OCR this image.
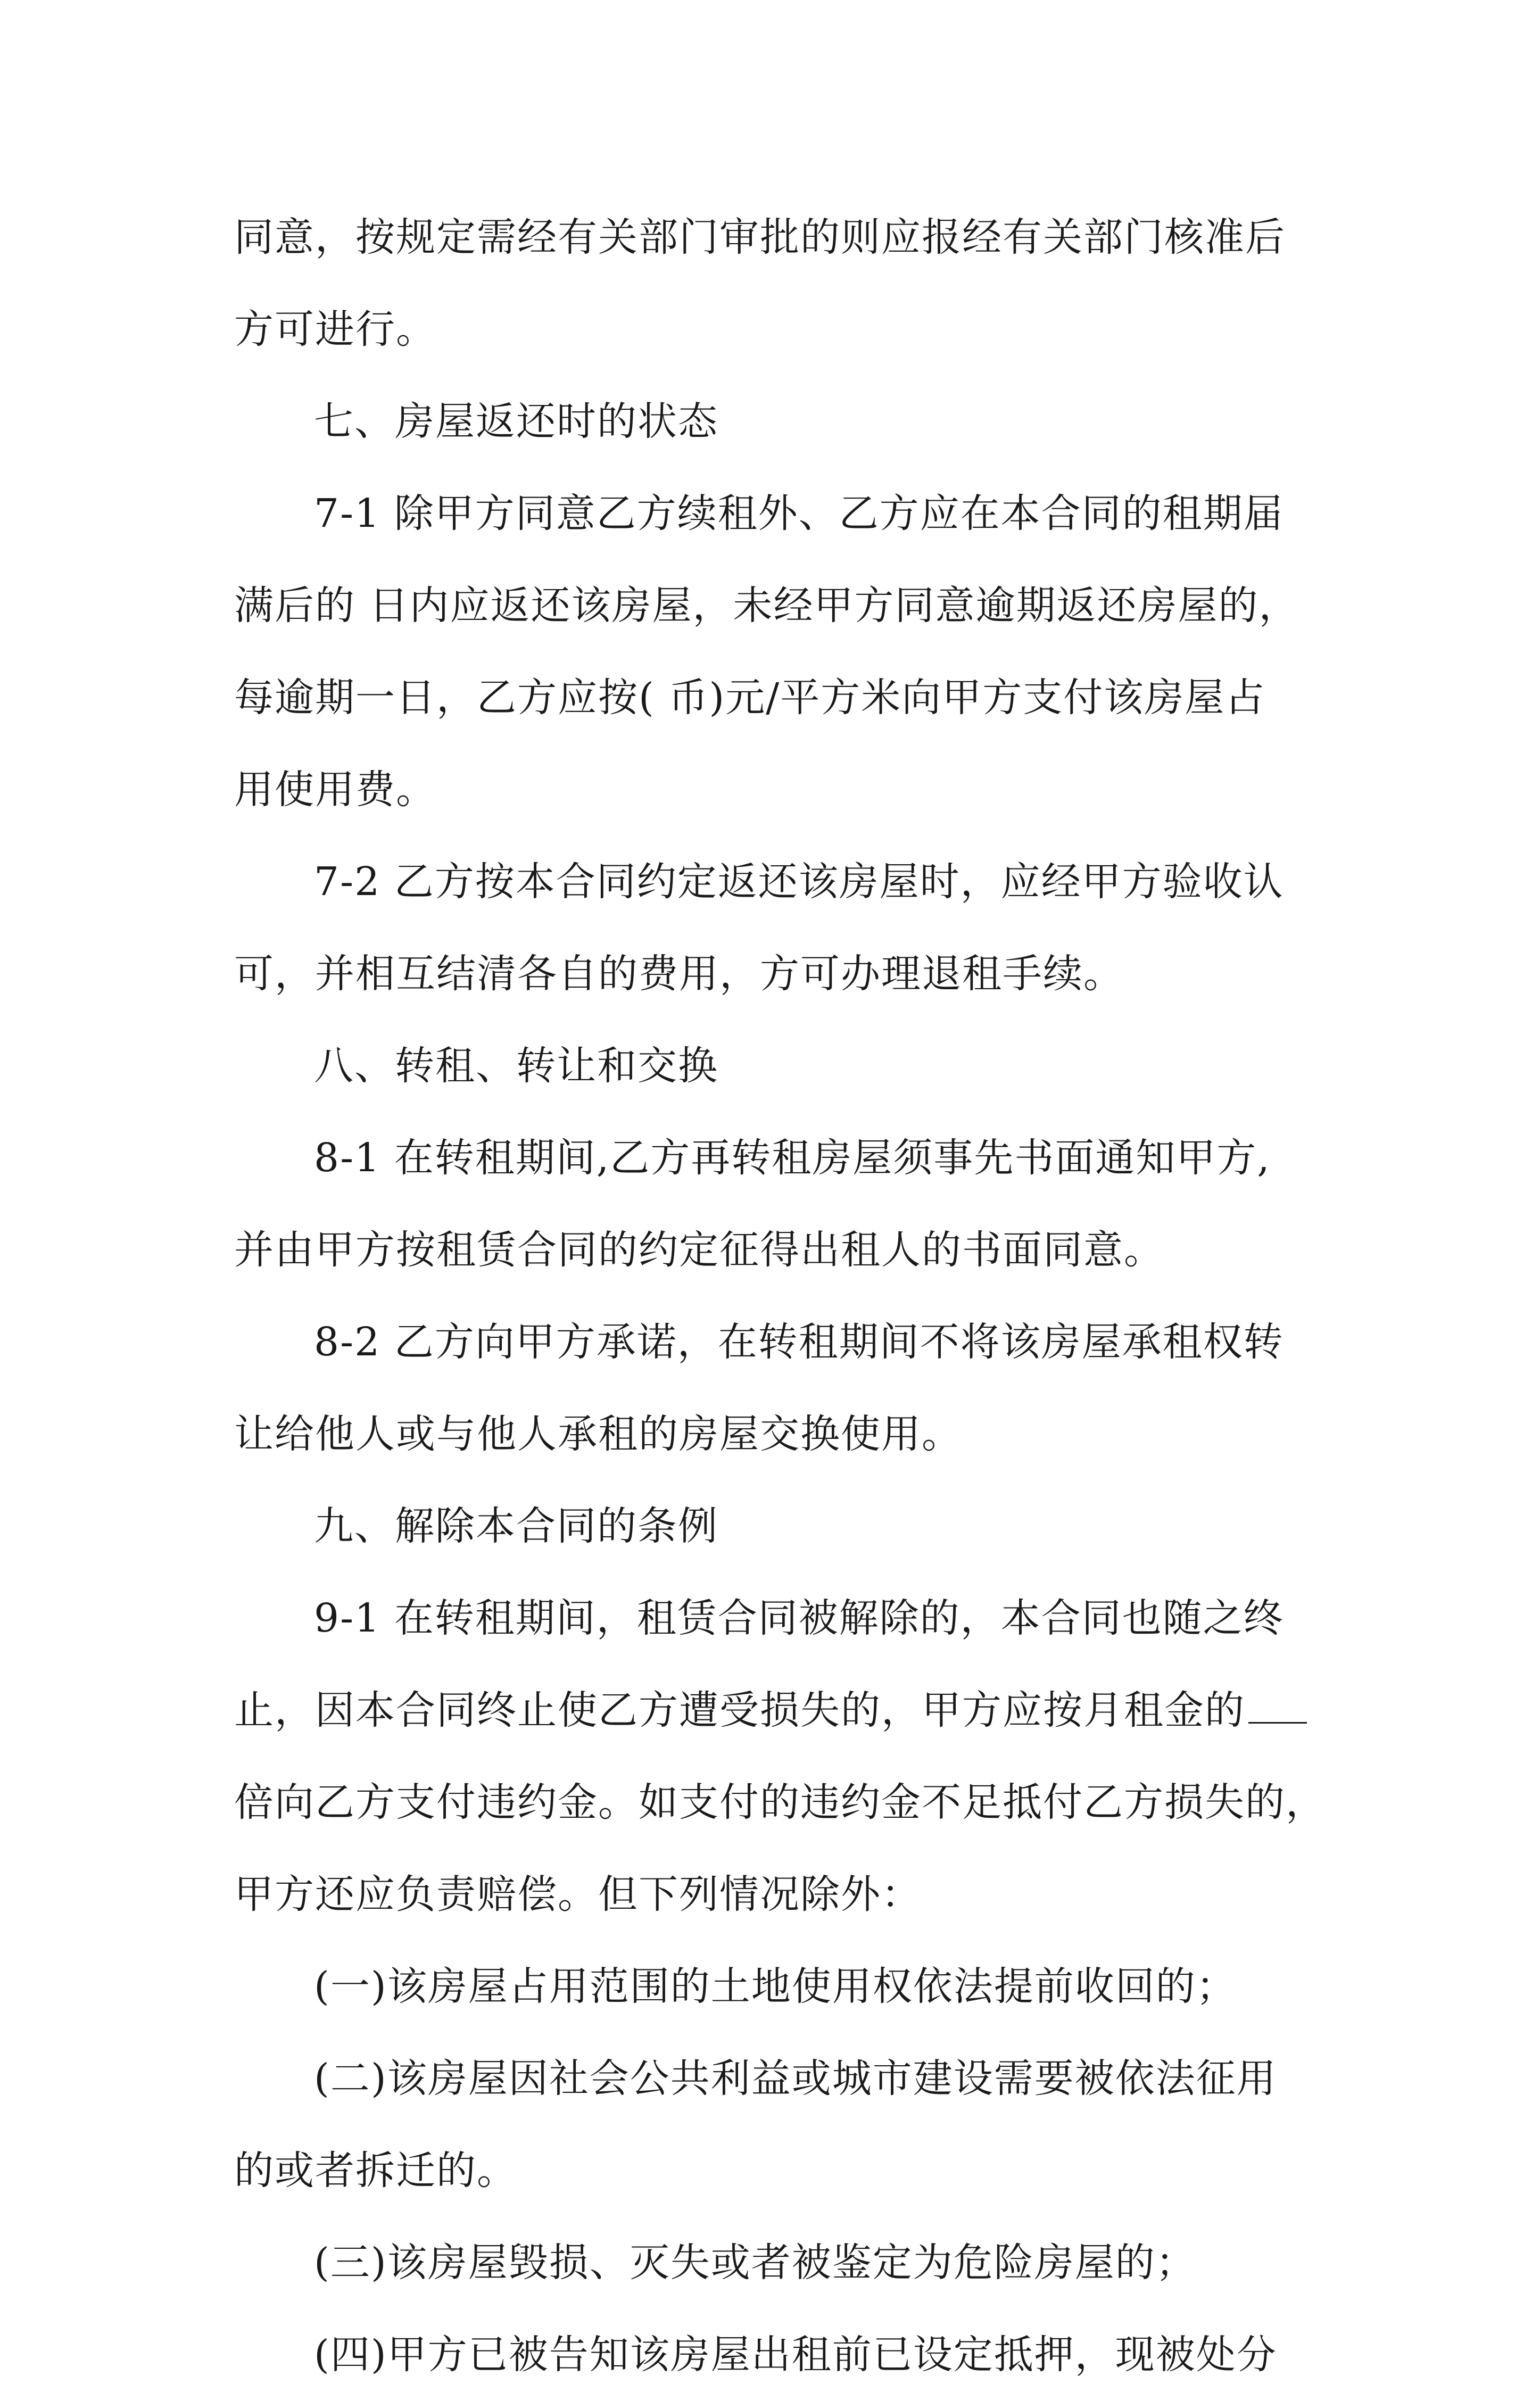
同意，按规定需经有关部门审批的则应报经有关部门核准后
方可进行。
七、房屋返还时的状态
7-1 除甲方同意乙方续租外、乙方应在本合同的租期届
满后的 日内应返还该房屋，未经甲方同意逾期返还房屋的，
每逾期一日，乙方应按( 币)元/平方米向甲方支付该房屋占
用使用费。
7-2 乙方按本合同约定返还该房屋时，应经甲方验收认
可，并相互结清各自的费用，方可办理退租手续。
八、转租、转让和交换
8-1 在转租期间,乙方再转租房屋须事先书面通知甲方,
并由甲方按租赁合同的约定征得出租人的书面同意。
8-2 乙方向甲方承诺，在转租期间不将该房屋承租权转
让给他人或与他人承租的房屋交换使用。
九、解除本合同的条例
9-1 在转租期间，租赁合同被解除的，本合同也随之终
止，因本合同终止使乙方遭受损失的，甲方应按月租金的
倍向乙方支付违约金。如支付的违约金不足抵付乙方损失的，
甲方还应负责赔偿。但下列情况除外：
(一)该房屋占用范围的土地使用权依法提前收回的；
(二)该房屋因社会公共利益或城市建设需要被依法征用
的或者拆迁的。
(三)该房屋毁损、灭失或者被鉴定为危险房屋的；
(四)甲方已被告知该房屋出租前已设定抵押，现被处分
